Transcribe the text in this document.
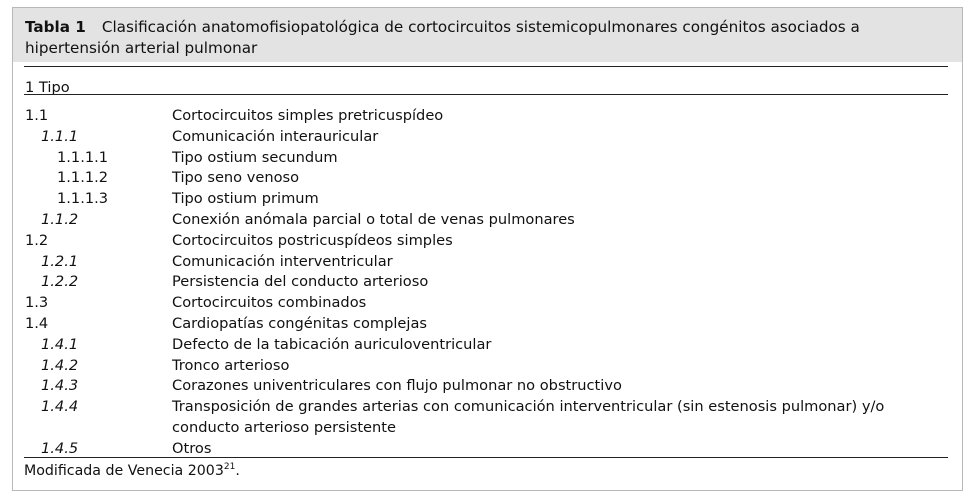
Tabla 1 Clasificación anatomofisiopatológica de cortocircuitos sistemicopulmonares congénitos asociados a hipertensión arterial pulmonar

1 Tipo
1.1	Cortocircuitos simples pretricuspídeo
1.1.1	Comunicación interauricular
1.1.1.1	Tipo ostium secundum
1.1.1.2	Tipo seno venoso
1.1.1.3	Tipo ostium primum
1.1.2	Conexión anómala parcial o total de venas pulmonares
1.2	Cortocircuitos postricuspídeos simples
1.2.1	Comunicación interventricular
1.2.2	Persistencia del conducto arterioso
1.3	Cortocircuitos combinados
1.4	Cardiopatías congénitas complejas
1.4.1	Defecto de la tabicación auriculoventricular
1.4.2	Tronco arterioso
1.4.3	Corazones univentriculares con flujo pulmonar no obstructivo
1.4.4	Transposición de grandes arterias con comunicación interventricular (sin estenosis pulmonar) y/o conducto arterioso persistente
1.4.5	Otros
Modificada de Venecia 2003$^{21}$.
